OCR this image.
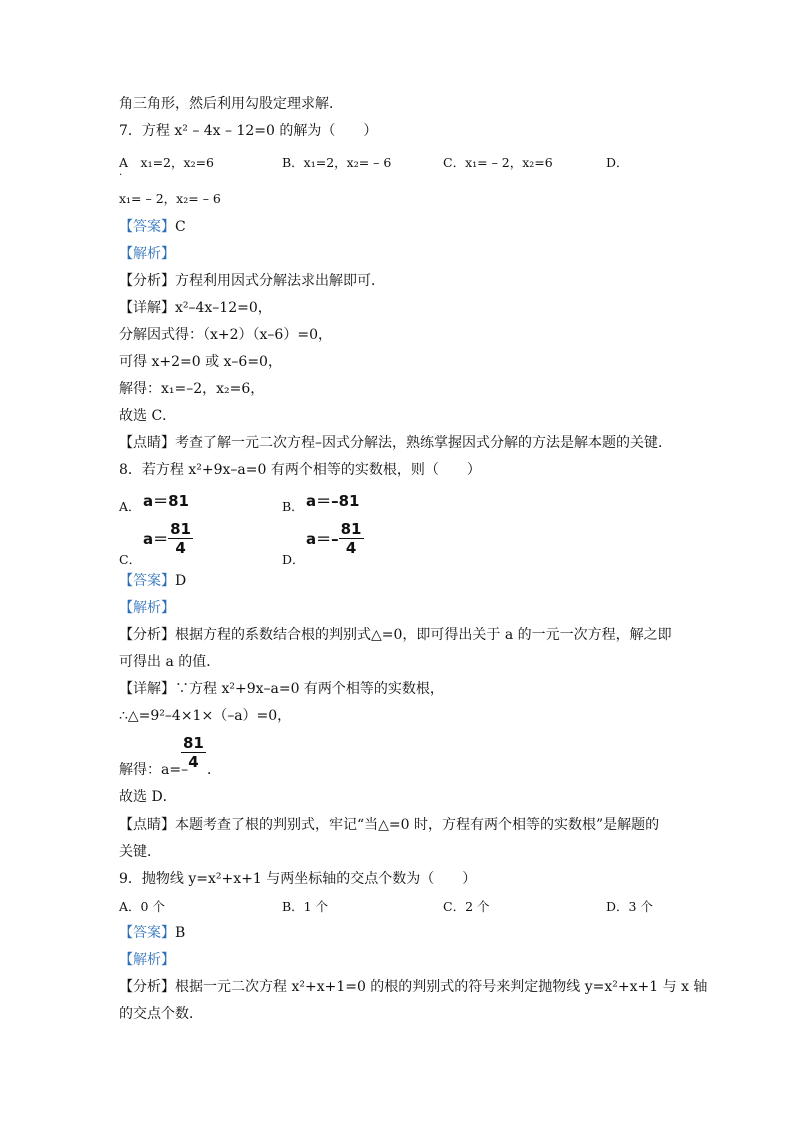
角三角形，然后利用勾股定理求解．
7．方程 x² – 4x – 12=0 的解为（　　）
A　x₁=2，x₂=6
·
B．x₁=2，x₂= – 6	C．x₁= – 2，x₂=6	D．
x₁= – 2，x₂= – 6
【答案】C
【解析】
【分析】方程利用因式分解法求出解即可．
【详解】x²–4x–12=0，
分解因式得：（x+2）（x–6）=0，
可得 x+2=0 或 x–6=0，
解得：x₁=–2，x₂=6，
故选 C．
【点睛】考查了解一元二次方程–因式分解法，熟练掌握因式分解的方法是解本题的关键．
8．若方程 x²+9x–a=0 有两个相等的实数根，则（　　）
A． a＝81	B． a＝–81
C．
$a= \frac{81}{4}$
D．
$a=- \frac{81}{4}$
【答案】D
【解析】
【分析】根据方程的系数结合根的判别式△=0，即可得出关于 a 的一元一次方程，解之即
可得出 a 的值．
【详解】∵方程 x²+9x–a=0 有两个相等的实数根，
∴△=9²–4×1×（–a）=0，
解得：a=–
$\frac{81}{4}$ ．
故选 D．
【点睛】本题考查了根的判别式，牢记“当△=0 时，方程有两个相等的实数根”是解题的
关键．
9．抛物线 y=x²+x+1 与两坐标轴的交点个数为（　　）
A．0 个	B．1 个	C．2 个	D．3 个
【答案】B
【解析】
【分析】根据一元二次方程 x²+x+1=0 的根的判别式的符号来判定抛物线 y=x²+x+1 与 x 轴
的交点个数．
